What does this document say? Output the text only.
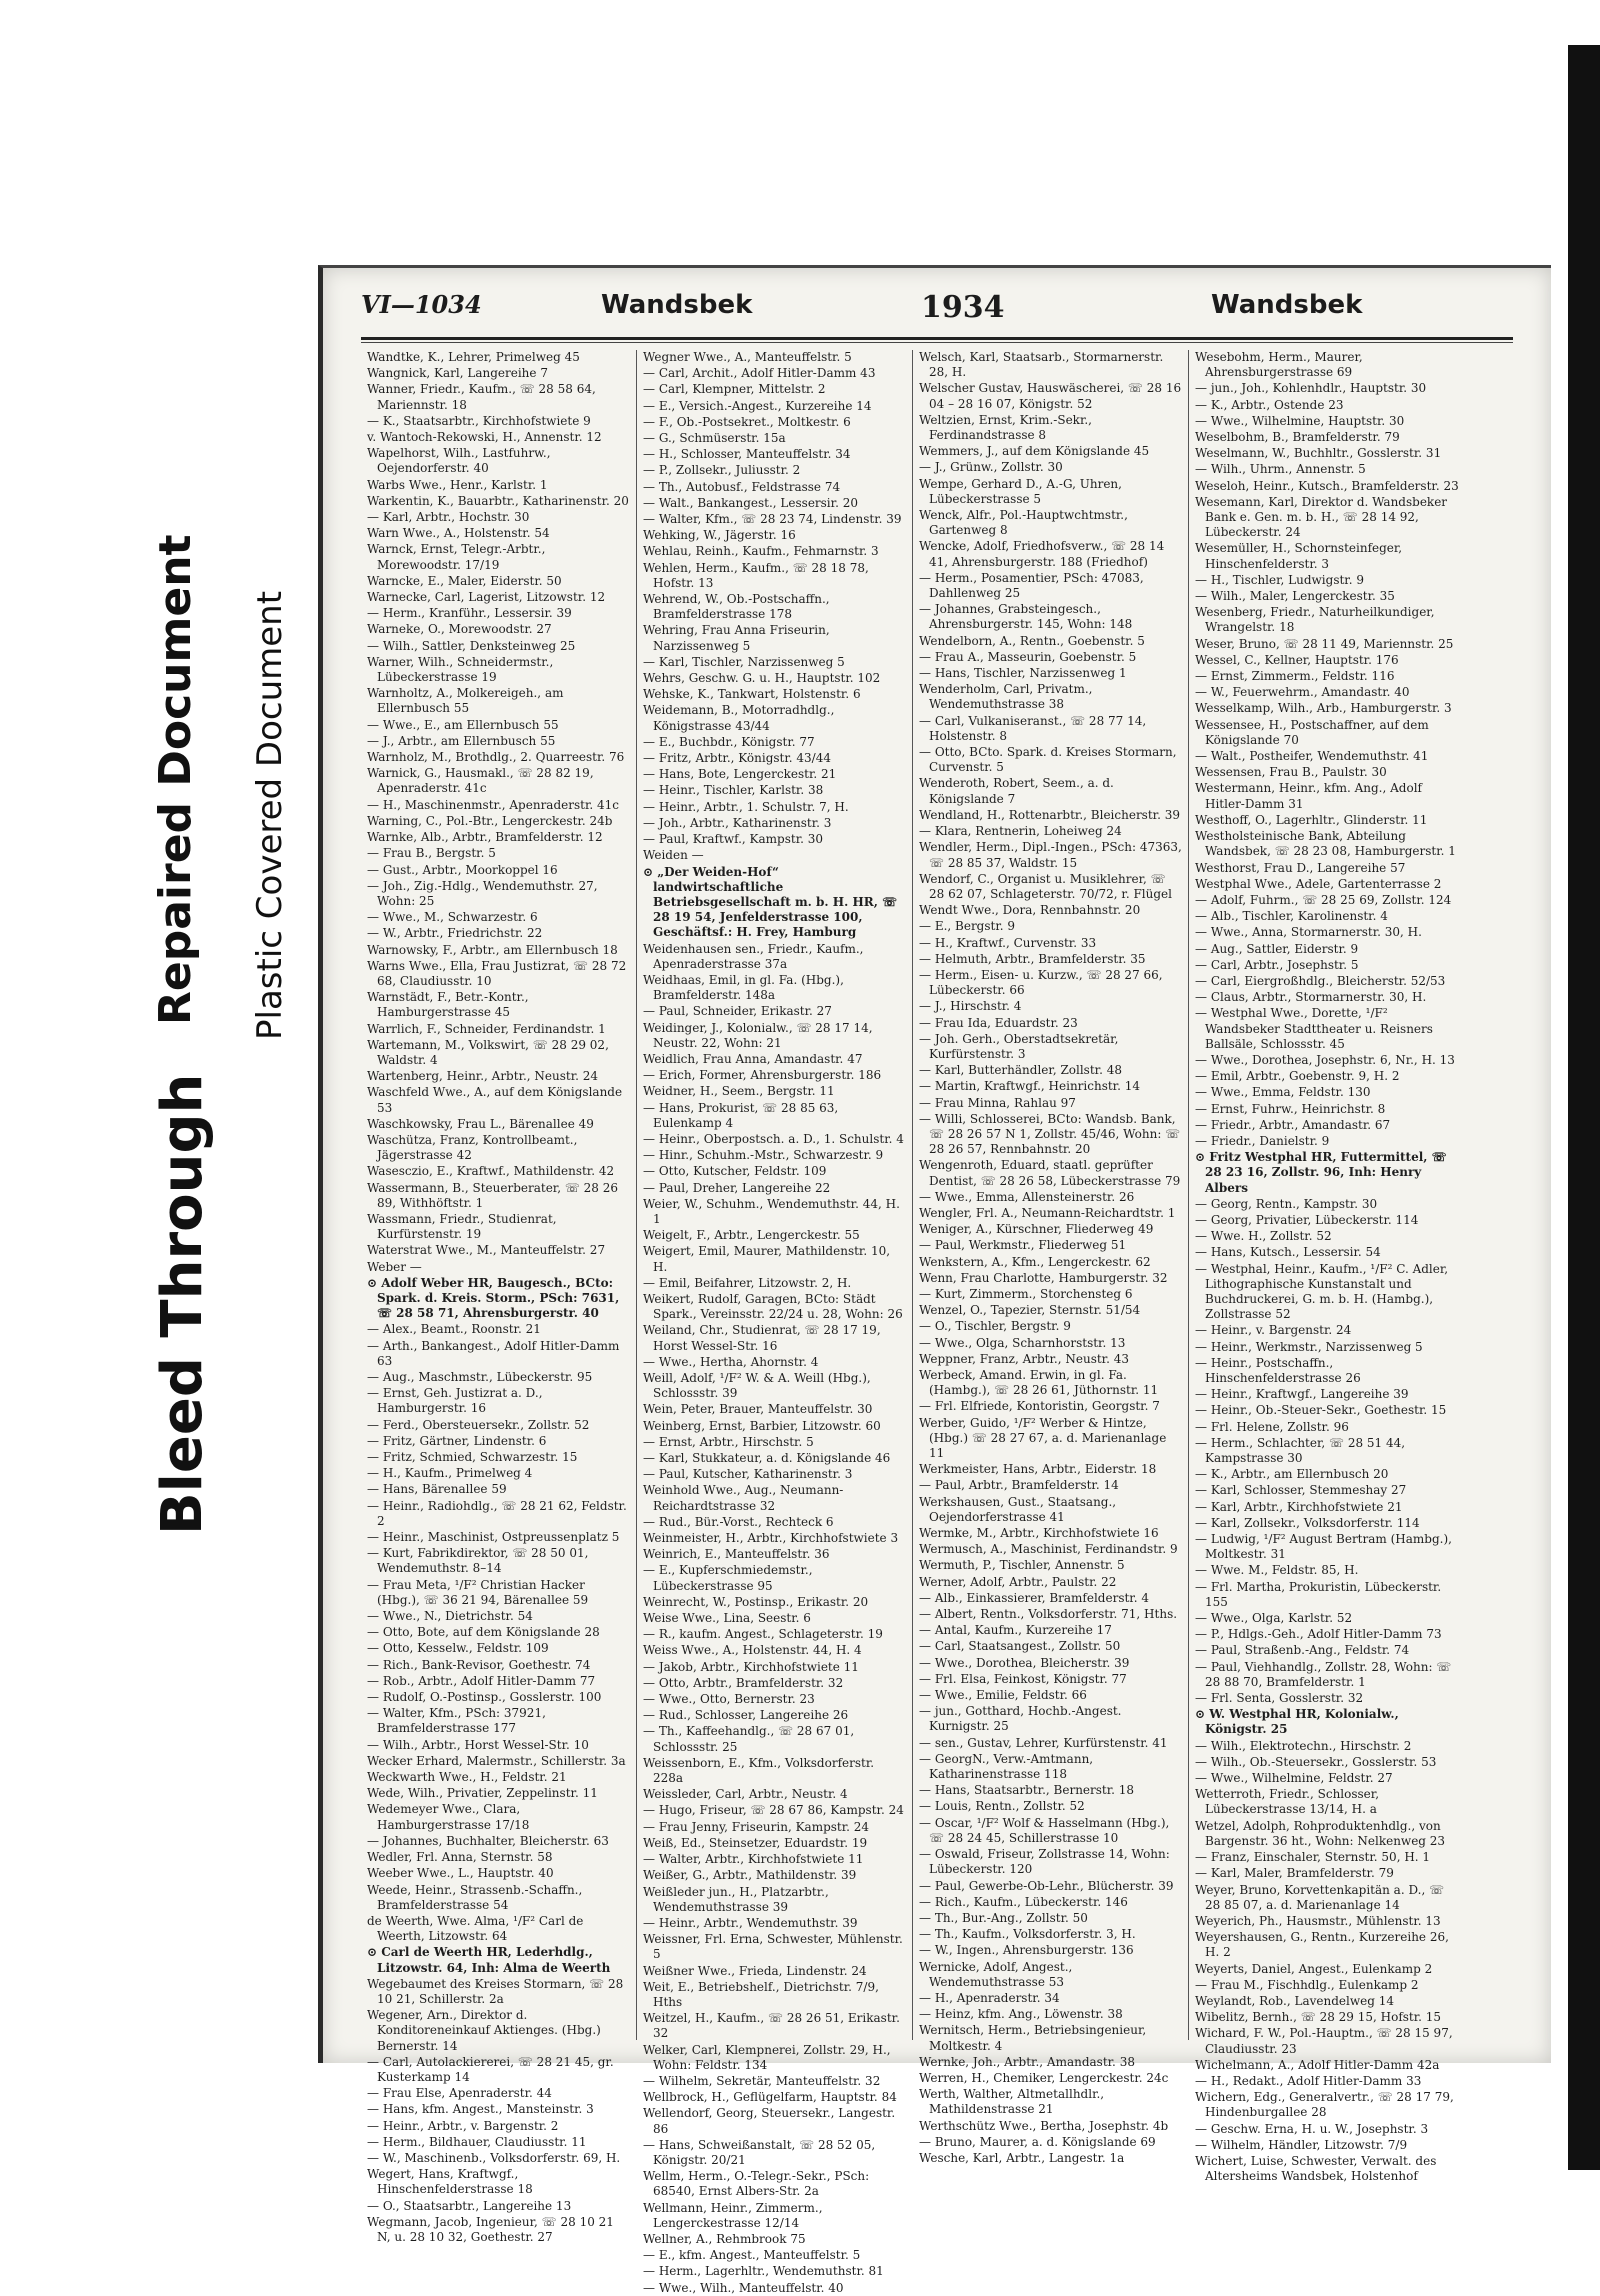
Bleed Through
Repaired Document Plastic Covered Document
VI—1034	Wandsbek	1934	Wandsbek
Wandtke, K., Lehrer, Primelweg 45
Wangnick, Karl, Langereihe 7
Wanner, Friedr., Kaufm., ☏ 28 58 64, Mariennstr. 18
— K., Staatsarbtr., Kirchhofstwiete 9
v. Wantoch-Rekowski, H., Annenstr. 12
Wapelhorst, Wilh., Lastfuhrw., Oejendorferstr. 40
Warbs Wwe., Henr., Karlstr. 1
Warkentin, K., Bauarbtr., Katharinenstr. 20
— Karl, Arbtr., Hochstr. 30
Warn Wwe., A., Holstenstr. 54
Warnck, Ernst, Telegr.-Arbtr., Morewoodstr. 17/19
Warncke, E., Maler, Eiderstr. 50
Warnecke, Carl, Lagerist, Litzowstr. 12
— Herm., Kranführ., Lessersir. 39
Warneke, O., Morewoodstr. 27
— Wilh., Sattler, Denksteinweg 25
Warner, Wilh., Schneidermstr., Lübeckerstrasse 19
Warnholtz, A., Molkereigeh., am Ellernbusch 55
— Wwe., E., am Ellernbusch 55
— J., Arbtr., am Ellernbusch 55
Warnholz, M., Brothdlg., 2. Quarreestr. 76
Warnick, G., Hausmakl., ☏ 28 82 19, Apenraderstr. 41c
— H., Maschinenmstr., Apenraderstr. 41c
Warning, C., Pol.-Btr., Lengerckestr. 24b
Warnke, Alb., Arbtr., Bramfelderstr. 12
— Frau B., Bergstr. 5
— Gust., Arbtr., Moorkoppel 16
— Joh., Zig.-Hdlg., Wendemuthstr. 27, Wohn: 25
— Wwe., M., Schwarzestr. 6
— W., Arbtr., Friedrichstr. 22
Warnowsky, F., Arbtr., am Ellernbusch 18
Warns Wwe., Ella, Frau Justizrat, ☏ 28 72 68, Claudiusstr. 10
Warnstädt, F., Betr.-Kontr., Hamburgerstrasse 45
Warrlich, F., Schneider, Ferdinandstr. 1
Wartemann, M., Volkswirt, ☏ 28 29 02, Waldstr. 4
Wartenberg, Heinr., Arbtr., Neustr. 24
Waschfeld Wwe., A., auf dem Königslande 53
Waschkowsky, Frau L., Bärenallee 49
Waschütza, Franz, Kontrollbeamt., Jägerstrasse 42
Wasesczio, E., Kraftwf., Mathildenstr. 42
Wassermann, B., Steuerberater, ☏ 28 26 89, Withhöftstr. 1
Wassmann, Friedr., Studienrat, Kurfürstenstr. 19
Waterstrat Wwe., M., Manteuffelstr. 27
Weber —
⊙ Adolf Weber HR, Baugesch., BCto: Spark. d. Kreis. Storm., PSch: 7631, ☏ 28 58 71, Ahrensburgerstr. 40
— Alex., Beamt., Roonstr. 21
— Arth., Bankangest., Adolf Hitler-Damm 63
— Aug., Maschmstr., Lübeckerstr. 95
— Ernst, Geh. Justizrat a. D., Hamburgerstr. 16
— Ferd., Obersteuersekr., Zollstr. 52
— Fritz, Gärtner, Lindenstr. 6
— Fritz, Schmied, Schwarzestr. 15
— H., Kaufm., Primelweg 4
— Hans, Bärenallee 59
— Heinr., Radiohdlg., ☏ 28 21 62, Feldstr. 2
— Heinr., Maschinist, Ostpreussenplatz 5
— Kurt, Fabrikdirektor, ☏ 28 50 01, Wendemuthstr. 8–14
— Frau Meta, ¹/F² Christian Hacker (Hbg.), ☏ 36 21 94, Bärenallee 59
— Wwe., N., Dietrichstr. 54
— Otto, Bote, auf dem Königslande 28
— Otto, Kesselw., Feldstr. 109
— Rich., Bank-Revisor, Goethestr. 74
— Rob., Arbtr., Adolf Hitler-Damm 77
— Rudolf, O.-Postinsp., Gosslerstr. 100
— Walter, Kfm., PSch: 37921, Bramfelderstrasse 177
— Wilh., Arbtr., Horst Wessel-Str. 10
Wecker Erhard, Malermstr., Schillerstr. 3a
Weckwarth Wwe., H., Feldstr. 21
Wede, Wilh., Privatier, Zeppelinstr. 11
Wedemeyer Wwe., Clara, Hamburgerstrasse 17/18
— Johannes, Buchhalter, Bleicherstr. 63
Wedler, Frl. Anna, Sternstr. 58
Weeber Wwe., L., Hauptstr. 40
Weede, Heinr., Strassenb.-Schaffn., Bramfelderstrasse 54
de Weerth, Wwe. Alma, ¹/F² Carl de Weerth, Litzowstr. 64
⊙ Carl de Weerth HR, Lederhdlg., Litzowstr. 64, Inh: Alma de Weerth
Wegebaumet des Kreises Stormarn, ☏ 28 10 21, Schillerstr. 2a
Wegener, Arn., Direktor d. Konditoreneinkauf Aktienges. (Hbg.) Bernerstr. 14
— Carl, Autolackiererei, ☏ 28 21 45, gr. Kusterkamp 14
— Frau Else, Apenraderstr. 44
— Hans, kfm. Angest., Mansteinstr. 3
— Heinr., Arbtr., v. Bargenstr. 2
— Herm., Bildhauer, Claudiusstr. 11
— W., Maschinenb., Volksdorferstr. 69, H.
Wegert, Hans, Kraftwgf., Hinschenfelderstrasse 18
— O., Staatsarbtr., Langereihe 13
Wegmann, Jacob, Ingenieur, ☏ 28 10 21 N, u. 28 10 32, Goethestr. 27
Wegner Wwe., A., Manteuffelstr. 5
— Carl, Archit., Adolf Hitler-Damm 43
— Carl, Klempner, Mittelstr. 2
— E., Versich.-Angest., Kurzereihe 14
— F., Ob.-Postsekret., Moltkestr. 6
— G., Schmüserstr. 15a
— H., Schlosser, Manteuffelstr. 34
— P., Zollsekr., Juliusstr. 2
— Th., Autobusf., Feldstrasse 74
— Walt., Bankangest., Lessersir. 20
— Walter, Kfm., ☏ 28 23 74, Lindenstr. 39
Wehking, W., Jägerstr. 16
Wehlau, Reinh., Kaufm., Fehmarnstr. 3
Wehlen, Herm., Kaufm., ☏ 28 18 78, Hofstr. 13
Wehrend, W., Ob.-Postschaffn., Bramfelderstrasse 178
Wehring, Frau Anna Friseurin, Narzissenweg 5
— Karl, Tischler, Narzissenweg 5
Wehrs, Geschw. G. u. H., Hauptstr. 102
Wehske, K., Tankwart, Holstenstr. 6
Weidemann, B., Motorradhdlg., Königstrasse 43/44
— E., Buchbdr., Königstr. 77
— Fritz, Arbtr., Königstr. 43/44
— Hans, Bote, Lengerckestr. 21
— Heinr., Tischler, Karlstr. 38
— Heinr., Arbtr., 1. Schulstr. 7, H.
— Joh., Arbtr., Katharinenstr. 3
— Paul, Kraftwf., Kampstr. 30
Weiden —
⊙ „Der Weiden-Hof“ landwirtschaftliche Betriebsgesellschaft m. b. H. HR, ☏ 28 19 54, Jenfelderstrasse 100, Geschäftsf.: H. Frey, Hamburg
Weidenhausen sen., Friedr., Kaufm., Apenraderstrasse 37a
Weidhaas, Emil, in gl. Fa. (Hbg.), Bramfelderstr. 148a
— Paul, Schneider, Erikastr. 27
Weidinger, J., Kolonialw., ☏ 28 17 14, Neustr. 22, Wohn: 21
Weidlich, Frau Anna, Amandastr. 47
— Erich, Former, Ahrensburgerstr. 186
Weidner, H., Seem., Bergstr. 11
— Hans, Prokurist, ☏ 28 85 63, Eulenkamp 4
— Heinr., Oberpostsch. a. D., 1. Schulstr. 4
— Hinr., Schuhm.-Mstr., Schwarzestr. 9
— Otto, Kutscher, Feldstr. 109
— Paul, Dreher, Langereihe 22
Weier, W., Schuhm., Wendemuthstr. 44, H. 1
Weigelt, F., Arbtr., Lengerckestr. 55
Weigert, Emil, Maurer, Mathildenstr. 10, H.
— Emil, Beifahrer, Litzowstr. 2, H.
Weikert, Rudolf, Garagen, BCto: Städt Spark., Vereinsstr. 22/24 u. 28, Wohn: 26
Weiland, Chr., Studienrat, ☏ 28 17 19, Horst Wessel-Str. 16
— Wwe., Hertha, Ahornstr. 4
Weill, Adolf, ¹/F² W. & A. Weill (Hbg.), Schlossstr. 39
Wein, Peter, Brauer, Manteuffelstr. 30
Weinberg, Ernst, Barbier, Litzowstr. 60
— Ernst, Arbtr., Hirschstr. 5
— Karl, Stukkateur, a. d. Königslande 46
— Paul, Kutscher, Katharinenstr. 3
Weinhold Wwe., Aug., Neumann-Reichardtstrasse 32
— Rud., Bür.-Vorst., Rechteck 6
Weinmeister, H., Arbtr., Kirchhofstwiete 3
Weinrich, E., Manteuffelstr. 36
— E., Kupferschmiedemstr., Lübeckerstrasse 95
Weinrecht, W., Postinsp., Erikastr. 20
Weise Wwe., Lina, Seestr. 6
— R., kaufm. Angest., Schlageterstr. 19
Weiss Wwe., A., Holstenstr. 44, H. 4
— Jakob, Arbtr., Kirchhofstwiete 11
— Otto, Arbtr., Bramfelderstr. 32
— Wwe., Otto, Bernerstr. 23
— Rud., Schlosser, Langereihe 26
— Th., Kaffeehandlg., ☏ 28 67 01, Schlossstr. 25
Weissenborn, E., Kfm., Volksdorferstr. 228a
Weissleder, Carl, Arbtr., Neustr. 4
— Hugo, Friseur, ☏ 28 67 86, Kampstr. 24
— Frau Jenny, Friseurin, Kampstr. 24
Weiß, Ed., Steinsetzer, Eduardstr. 19
— Walter, Arbtr., Kirchhofstwiete 11
Weißer, G., Arbtr., Mathildenstr. 39
Weißleder jun., H., Platzarbtr., Wendemuthstrasse 39
— Heinr., Arbtr., Wendemuthstr. 39
Weissner, Frl. Erna, Schwester, Mühlenstr. 5
Weißner Wwe., Frieda, Lindenstr. 24
Weit, E., Betriebshelf., Dietrichstr. 7/9, Hths
Weitzel, H., Kaufm., ☏ 28 26 51, Erikastr. 32
Welker, Carl, Klempnerei, Zollstr. 29, H., Wohn: Feldstr. 134
— Wilhelm, Sekretär, Manteuffelstr. 32
Wellbrock, H., Geflügelfarm, Hauptstr. 84
Wellendorf, Georg, Steuersekr., Langestr. 86
— Hans, Schweißanstalt, ☏ 28 52 05, Königstr. 20/21
Wellm, Herm., O.-Telegr.-Sekr., PSch: 68540, Ernst Albers-Str. 2a
Wellmann, Heinr., Zimmerm., Lengerckestrasse 12/14
Wellner, A., Rehmbrook 75
— E., kfm. Angest., Manteuffelstr. 5
— Herm., Lagerhltr., Wendemuthstr. 81
— Wwe., Wilh., Manteuffelstr. 40
Welsch, Karl, Staatsarb., Stormarnerstr. 28, H.
Welscher Gustav, Hauswäscherei, ☏ 28 16 04 – 28 16 07, Königstr. 52
Weltzien, Ernst, Krim.-Sekr., Ferdinandstrasse 8
Wemmers, J., auf dem Königslande 45
— J., Grünw., Zollstr. 30
Wempe, Gerhard D., A.-G, Uhren, Lübeckerstrasse 5
Wenck, Alfr., Pol.-Hauptwchtmstr., Gartenweg 8
Wencke, Adolf, Friedhofsverw., ☏ 28 14 41, Ahrensburgerstr. 188 (Friedhof)
— Herm., Posamentier, PSch: 47083, Dahllenweg 25
— Johannes, Grabsteingesch., Ahrensburgerstr. 145, Wohn: 148
Wendelborn, A., Rentn., Goebenstr. 5
— Frau A., Masseurin, Goebenstr. 5
— Hans, Tischler, Narzissenweg 1
Wenderholm, Carl, Privatm., Wendemuthstrasse 38
— Carl, Vulkaniseranst., ☏ 28 77 14, Holstenstr. 8
— Otto, BCto. Spark. d. Kreises Stormarn, Curvenstr. 5
Wenderoth, Robert, Seem., a. d. Königslande 7
Wendland, H., Rottenarbtr., Bleicherstr. 39
— Klara, Rentnerin, Loheiweg 24
Wendler, Herm., Dipl.-Ingen., PSch: 47363, ☏ 28 85 37, Waldstr. 15
Wendorf, C., Organist u. Musiklehrer, ☏ 28 62 07, Schlageterstr. 70/72, r. Flügel
Wendt Wwe., Dora, Rennbahnstr. 20
— E., Bergstr. 9
— H., Kraftwf., Curvenstr. 33
— Helmuth, Arbtr., Bramfelderstr. 35
— Herm., Eisen- u. Kurzw., ☏ 28 27 66, Lübeckerstr. 66
— J., Hirschstr. 4
— Frau Ida, Eduardstr. 23
— Joh. Gerh., Oberstadtsekretär, Kurfürstenstr. 3
— Karl, Butterhändler, Zollstr. 48
— Martin, Kraftwgf., Heinrichstr. 14
— Frau Minna, Rahlau 97
— Willi, Schlosserei, BCto: Wandsb. Bank, ☏ 28 26 57 N 1, Zollstr. 45/46, Wohn: ☏ 28 26 57, Rennbahnstr. 20
Wengenroth, Eduard, staatl. geprüfter Dentist, ☏ 28 26 58, Lübeckerstrasse 79
— Wwe., Emma, Allensteinerstr. 26
Wengler, Frl. A., Neumann-Reichardtstr. 1
Weniger, A., Kürschner, Fliederweg 49
— Paul, Werkmstr., Fliederweg 51
Wenkstern, A., Kfm., Lengerckestr. 62
Wenn, Frau Charlotte, Hamburgerstr. 32
— Kurt, Zimmerm., Storchensteg 6
Wenzel, O., Tapezier, Sternstr. 51/54
— O., Tischler, Bergstr. 9
— Wwe., Olga, Scharnhorststr. 13
Weppner, Franz, Arbtr., Neustr. 43
Werbeck, Amand. Erwin, in gl. Fa. (Hambg.), ☏ 28 26 61, Jüthornstr. 11
— Frl. Elfriede, Kontoristin, Georgstr. 7
Werber, Guido, ¹/F² Werber & Hintze, (Hbg.) ☏ 28 27 67, a. d. Marienanlage 11
Werkmeister, Hans, Arbtr., Eiderstr. 18
— Paul, Arbtr., Bramfelderstr. 14
Werkshausen, Gust., Staatsang., Oejendorferstrasse 41
Wermke, M., Arbtr., Kirchhofstwiete 16
Wermusch, A., Maschinist, Ferdinandstr. 9
Wermuth, P., Tischler, Annenstr. 5
Werner, Adolf, Arbtr., Paulstr. 22
— Alb., Einkassierer, Bramfelderstr. 4
— Albert, Rentn., Volksdorferstr. 71, Hths.
— Antal, Kaufm., Kurzereihe 17
— Carl, Staatsangest., Zollstr. 50
— Wwe., Dorothea, Bleicherstr. 39
— Frl. Elsa, Feinkost, Königstr. 77
— Wwe., Emilie, Feldstr. 66
— jun., Gotthard, Hochb.-Angest. Kurnigstr. 25
— sen., Gustav, Lehrer, Kurfürstenstr. 41
— GeorgN., Verw.-Amtmann, Katharinenstrasse 118
— Hans, Staatsarbtr., Bernerstr. 18
— Louis, Rentn., Zollstr. 52
— Oscar, ¹/F² Wolf & Hasselmann (Hbg.), ☏ 28 24 45, Schillerstrasse 10
— Oswald, Friseur, Zollstrasse 14, Wohn: Lübeckerstr. 120
— Paul, Gewerbe-Ob-Lehr., Blücherstr. 39
— Rich., Kaufm., Lübeckerstr. 146
— Th., Bur.-Ang., Zollstr. 50
— Th., Kaufm., Volksdorferstr. 3, H.
— W., Ingen., Ahrensburgerstr. 136
Wernicke, Adolf, Angest., Wendemuthstrasse 53
— H., Apenraderstr. 34
— Heinz, kfm. Ang., Löwenstr. 38
Wernitsch, Herm., Betriebsingenieur, Moltkestr. 4
Wernke, Joh., Arbtr., Amandastr. 38
Werren, H., Chemiker, Lengerckestr. 24c
Werth, Walther, Altmetallhdlr., Mathildenstrasse 21
Werthschütz Wwe., Bertha, Josephstr. 4b
— Bruno, Maurer, a. d. Königslande 69
Wesche, Karl, Arbtr., Langestr. 1a
Wesebohm, Herm., Maurer, Ahrensburgerstrasse 69
— jun., Joh., Kohlenhdlr., Hauptstr. 30
— K., Arbtr., Ostende 23
— Wwe., Wilhelmine, Hauptstr. 30
Weselbohm, B., Bramfelderstr. 79
Weselmann, W., Buchhltr., Gosslerstr. 31
— Wilh., Uhrm., Annenstr. 5
Weseloh, Heinr., Kutsch., Bramfelderstr. 23
Wesemann, Karl, Direktor d. Wandsbeker Bank e. Gen. m. b. H., ☏ 28 14 92, Lübeckerstr. 24
Wesemüller, H., Schornsteinfeger, Hinschenfelderstr. 3
— H., Tischler, Ludwigstr. 9
— Wilh., Maler, Lengerckestr. 35
Wesenberg, Friedr., Naturheilkundiger, Wrangelstr. 18
Weser, Bruno, ☏ 28 11 49, Mariennstr. 25
Wessel, C., Kellner, Hauptstr. 176
— Ernst, Zimmerm., Feldstr. 116
— W., Feuerwehrm., Amandastr. 40
Wesselkamp, Wilh., Arb., Hamburgerstr. 3
Wessensee, H., Postschaffner, auf dem Königslande 70
— Walt., Postheifer, Wendemuthstr. 41
Wessensen, Frau B., Paulstr. 30
Westermann, Heinr., kfm. Ang., Adolf Hitler-Damm 31
Westhoff, O., Lagerhltr., Glinderstr. 11
Westholsteinische Bank, Abteilung Wandsbek, ☏ 28 23 08, Hamburgerstr. 1
Westhorst, Frau D., Langereihe 57
Westphal Wwe., Adele, Gartenterrasse 2
— Adolf, Fuhrm., ☏ 28 25 69, Zollstr. 124
— Alb., Tischler, Karolinenstr. 4
— Wwe., Anna, Stormarnerstr. 30, H.
— Aug., Sattler, Eiderstr. 9
— Carl, Arbtr., Josephstr. 5
— Carl, Eiergroßhdlg., Bleicherstr. 52/53
— Claus, Arbtr., Stormarnerstr. 30, H.
— Westphal Wwe., Dorette, ¹/F² Wandsbeker Stadttheater u. Reisners Ballsäle, Schlossstr. 45
— Wwe., Dorothea, Josephstr. 6, Nr., H. 13
— Emil, Arbtr., Goebenstr. 9, H. 2
— Wwe., Emma, Feldstr. 130
— Ernst, Fuhrw., Heinrichstr. 8
— Friedr., Arbtr., Amandastr. 67
— Friedr., Danielstr. 9
⊙ Fritz Westphal HR, Futtermittel, ☏ 28 23 16, Zollstr. 96, Inh: Henry Albers
— Georg, Rentn., Kampstr. 30
— Georg, Privatier, Lübeckerstr. 114
— Wwe. H., Zollstr. 52
— Hans, Kutsch., Lessersir. 54
— Westphal, Heinr., Kaufm., ¹/F² C. Adler, Lithographische Kunstanstalt und Buchdruckerei, G. m. b. H. (Hambg.), Zollstrasse 52
— Heinr., v. Bargenstr. 24
— Heinr., Werkmstr., Narzissenweg 5
— Heinr., Postschaffn., Hinschenfelderstrasse 26
— Heinr., Kraftwgf., Langereihe 39
— Heinr., Ob.-Steuer-Sekr., Goethestr. 15
— Frl. Helene, Zollstr. 96
— Herm., Schlachter, ☏ 28 51 44, Kampstrasse 30
— K., Arbtr., am Ellernbusch 20
— Karl, Schlosser, Stemmeshay 27
— Karl, Arbtr., Kirchhofstwiete 21
— Karl, Zollsekr., Volksdorferstr. 114
— Ludwig, ¹/F² August Bertram (Hambg.), Moltkestr. 31
— Wwe. M., Feldstr. 85, H.
— Frl. Martha, Prokuristin, Lübeckerstr. 155
— Wwe., Olga, Karlstr. 52
— P., Hdlgs.-Geh., Adolf Hitler-Damm 73
— Paul, Straßenb.-Ang., Feldstr. 74
— Paul, Viehhandlg., Zollstr. 28, Wohn: ☏ 28 88 70, Bramfelderstr. 1
— Frl. Senta, Gosslerstr. 32
⊙ W. Westphal HR, Kolonialw., Königstr. 25
— Wilh., Elektrotechn., Hirschstr. 2
— Wilh., Ob.-Steuersekr., Gosslerstr. 53
— Wwe., Wilhelmine, Feldstr. 27
Wetterroth, Friedr., Schlosser, Lübeckerstrasse 13/14, H. a
Wetzel, Adolph, Rohproduktenhdlg., von Bargenstr. 36 ht., Wohn: Nelkenweg 23
— Franz, Einschaler, Sternstr. 50, H. 1
— Karl, Maler, Bramfelderstr. 79
Weyer, Bruno, Korvettenkapitän a. D., ☏ 28 85 07, a. d. Marienanlage 14
Weyerich, Ph., Hausmstr., Mühlenstr. 13
Weyershausen, G., Rentn., Kurzereihe 26, H. 2
Weyerts, Daniel, Angest., Eulenkamp 2
— Frau M., Fischhdlg., Eulenkamp 2
Weylandt, Rob., Lavendelweg 14
Wibelitz, Bernh., ☏ 28 29 15, Hofstr. 15
Wichard, F. W., Pol.-Hauptm., ☏ 28 15 97, Claudiusstr. 23
Wichelmann, A., Adolf Hitler-Damm 42a
— H., Redakt., Adolf Hitler-Damm 33
Wichern, Edg., Generalvertr., ☏ 28 17 79, Hindenburgallee 28
— Geschw. Erna, H. u. W., Josephstr. 3
— Wilhelm, Händler, Litzowstr. 7/9
Wichert, Luise, Schwester, Verwalt. des Altersheims Wandsbek, Holstenhof
